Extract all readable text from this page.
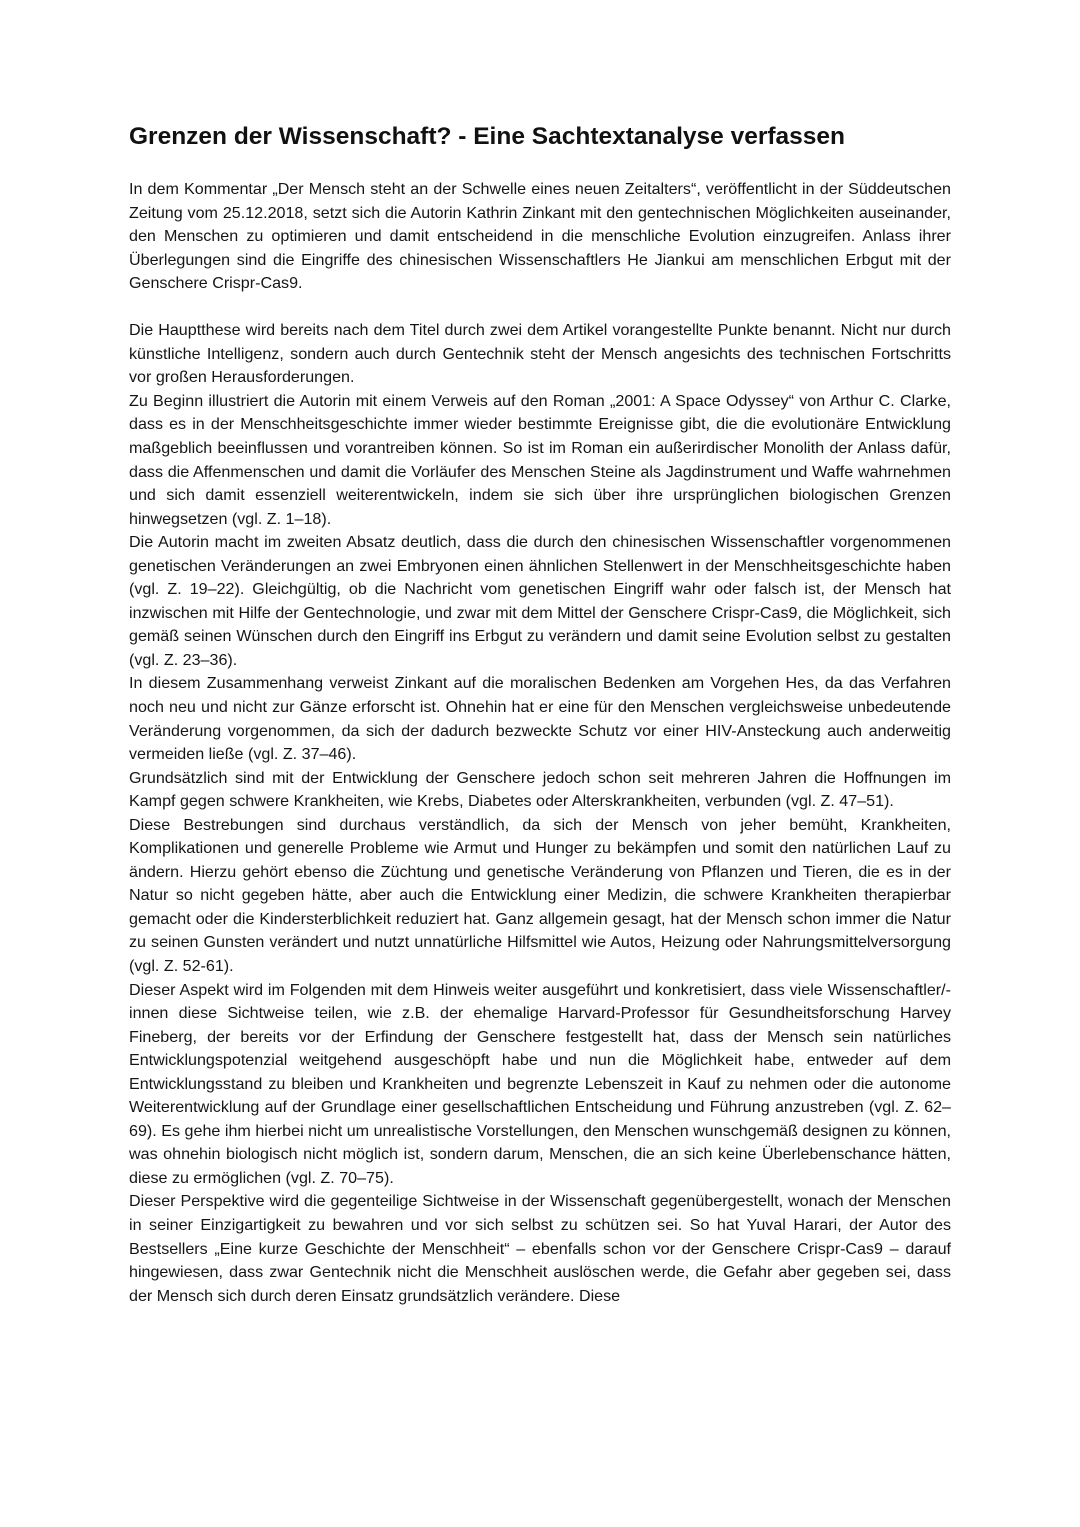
Grenzen der Wissenschaft? - Eine Sachtextanalyse verfassen

In dem Kommentar „Der Mensch steht an der Schwelle eines neuen Zeitalters“, veröffentlicht in der Süddeutschen Zeitung vom 25.12.2018, setzt sich die Autorin Kathrin Zinkant mit den gentechnischen Möglichkeiten auseinander, den Menschen zu optimieren und damit entscheidend in die menschliche Evolution einzugreifen. Anlass ihrer Überlegungen sind die Eingriffe des chinesischen Wissenschaftlers He Jiankui am menschlichen Erbgut mit der Genschere Crispr-Cas9.

Die Hauptthese wird bereits nach dem Titel durch zwei dem Artikel vorangestellte Punkte benannt. Nicht nur durch künstliche Intelligenz, sondern auch durch Gentechnik steht der Mensch angesichts des technischen Fortschritts vor großen Herausforderungen.

Zu Beginn illustriert die Autorin mit einem Verweis auf den Roman „2001: A Space Odyssey“ von Arthur C. Clarke, dass es in der Menschheitsgeschichte immer wieder bestimmte Ereignisse gibt, die die evolutionäre Entwicklung maßgeblich beeinflussen und vorantreiben können. So ist im Roman ein außerirdischer Monolith der Anlass dafür, dass die Affenmenschen und damit die Vorläufer des Menschen Steine als Jagdinstrument und Waffe wahrnehmen und sich damit essenziell weiterentwickeln, indem sie sich über ihre ursprünglichen biologischen Grenzen hinwegsetzen (vgl. Z. 1–18).

Die Autorin macht im zweiten Absatz deutlich, dass die durch den chinesischen Wissenschaftler vorgenommenen genetischen Veränderungen an zwei Embryonen einen ähnlichen Stellenwert in der Menschheitsgeschichte haben (vgl. Z. 19–22). Gleichgültig, ob die Nachricht vom genetischen Eingriff wahr oder falsch ist, der Mensch hat inzwischen mit Hilfe der Gentechnologie, und zwar mit dem Mittel der Genschere Crispr-Cas9, die Möglichkeit, sich gemäß seinen Wünschen durch den Eingriff ins Erbgut zu verändern und damit seine Evolution selbst zu gestalten (vgl. Z. 23–36).

In diesem Zusammenhang verweist Zinkant auf die moralischen Bedenken am Vorgehen Hes, da das Verfahren noch neu und nicht zur Gänze erforscht ist. Ohnehin hat er eine für den Menschen vergleichsweise unbedeutende Veränderung vorgenommen, da sich der dadurch bezweckte Schutz vor einer HIV-Ansteckung auch anderweitig vermeiden ließe (vgl. Z. 37–46).

Grundsätzlich sind mit der Entwicklung der Genschere jedoch schon seit mehreren Jahren die Hoffnungen im Kampf gegen schwere Krankheiten, wie Krebs, Diabetes oder Alterskrankheiten, verbunden (vgl. Z. 47–51).

Diese Bestrebungen sind durchaus verständlich, da sich der Mensch von jeher bemüht, Krankheiten, Komplikationen und generelle Probleme wie Armut und Hunger zu bekämpfen und somit den natürlichen Lauf zu ändern. Hierzu gehört ebenso die Züchtung und genetische Veränderung von Pflanzen und Tieren, die es in der Natur so nicht gegeben hätte, aber auch die Entwicklung einer Medizin, die schwere Krankheiten therapierbar gemacht oder die Kindersterblichkeit reduziert hat. Ganz allgemein gesagt, hat der Mensch schon immer die Natur zu seinen Gunsten verändert und nutzt unnatürliche Hilfsmittel wie Autos, Heizung oder Nahrungsmittelversorgung (vgl. Z. 52-61).

Dieser Aspekt wird im Folgenden mit dem Hinweis weiter ausgeführt und konkretisiert, dass viele Wissenschaftler/-innen diese Sichtweise teilen, wie z.B. der ehemalige Harvard-Professor für Gesundheitsforschung Harvey Fineberg, der bereits vor der Erfindung der Genschere festgestellt hat, dass der Mensch sein natürliches Entwicklungspotenzial weitgehend ausgeschöpft habe und nun die Möglichkeit habe, entweder auf dem Entwicklungsstand zu bleiben und Krankheiten und begrenzte Lebenszeit in Kauf zu nehmen oder die autonome Weiterentwicklung auf der Grundlage einer gesellschaftlichen Entscheidung und Führung anzustreben (vgl. Z. 62–69). Es gehe ihm hierbei nicht um unrealistische Vorstellungen, den Menschen wunschgemäß designen zu können, was ohnehin biologisch nicht möglich ist, sondern darum, Menschen, die an sich keine Überlebenschance hätten, diese zu ermöglichen (vgl. Z. 70–75).

Dieser Perspektive wird die gegenteilige Sichtweise in der Wissenschaft gegenübergestellt, wonach der Menschen in seiner Einzigartigkeit zu bewahren und vor sich selbst zu schützen sei. So hat Yuval Harari, der Autor des Bestsellers „Eine kurze Geschichte der Menschheit“ – ebenfalls schon vor der Genschere Crispr-Cas9 – darauf hingewiesen, dass zwar Gentechnik nicht die Menschheit auslöschen werde, die Gefahr aber gegeben sei, dass der Mensch sich durch deren Einsatz grundsätzlich verändere. Diese
